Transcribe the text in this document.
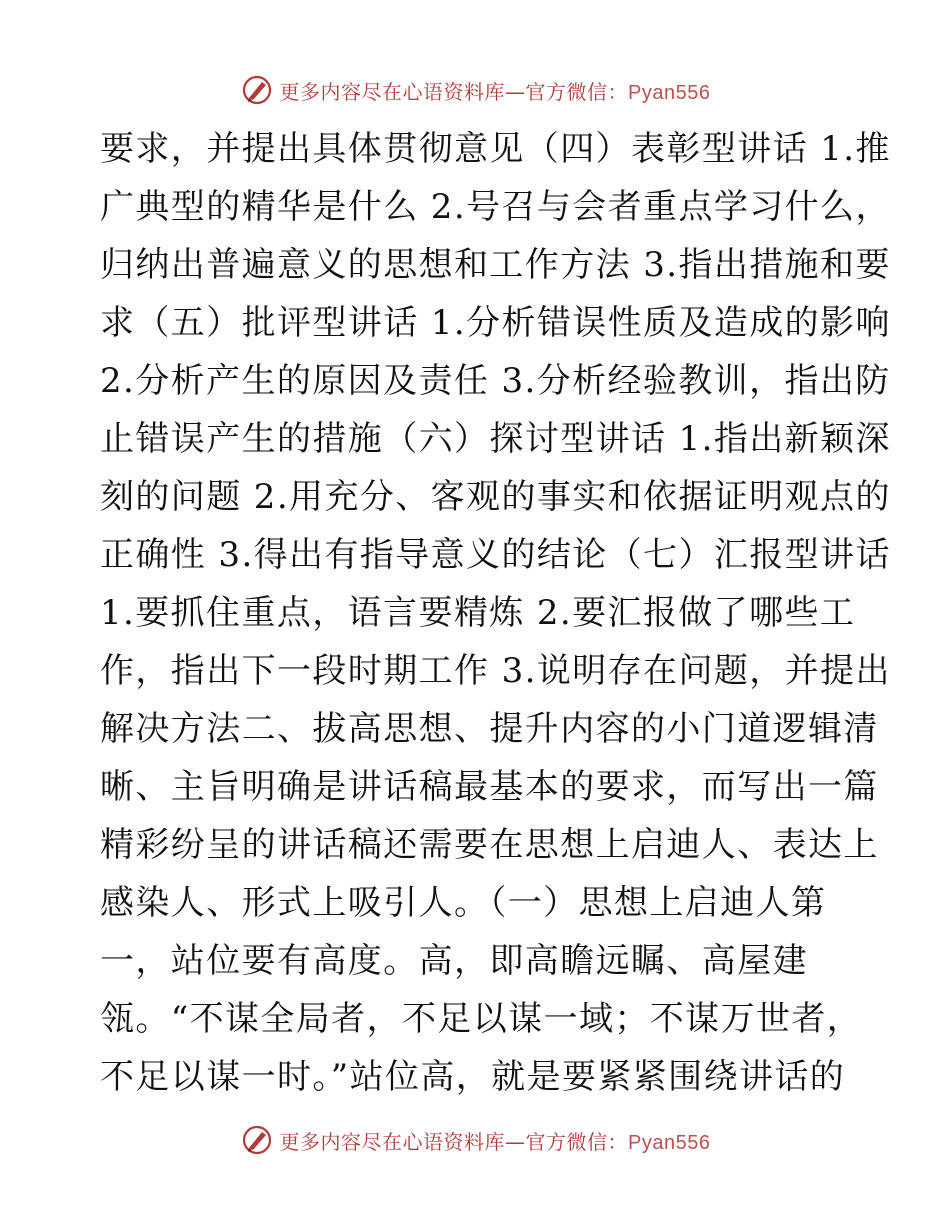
更多内容尽在心语资料库—官方微信：Pyan556
要求，并提出具体贯彻意见（四）表彰型讲话 1.推
广典型的精华是什么 2.号召与会者重点学习什么，
归纳出普遍意义的思想和工作方法 3.指出措施和要
求（五）批评型讲话 1.分析错误性质及造成的影响
2.分析产生的原因及责任 3.分析经验教训，指出防
止错误产生的措施（六）探讨型讲话 1.指出新颖深
刻的问题 2.用充分、客观的事实和依据证明观点的
正确性 3.得出有指导意义的结论（七）汇报型讲话
1.要抓住重点，语言要精炼 2.要汇报做了哪些工
作，指出下一段时期工作 3.说明存在问题，并提出
解决方法二、拔高思想、提升内容的小门道逻辑清
晰、主旨明确是讲话稿最基本的要求，而写出一篇
精彩纷呈的讲话稿还需要在思想上启迪人、表达上
感染人、形式上吸引人。（一）思想上启迪人第
一，站位要有高度。高，即高瞻远瞩、高屋建
瓴。“不谋全局者，不足以谋一域；不谋万世者，
不足以谋一时。”站位高，就是要紧紧围绕讲话的
更多内容尽在心语资料库—官方微信：Pyan556
